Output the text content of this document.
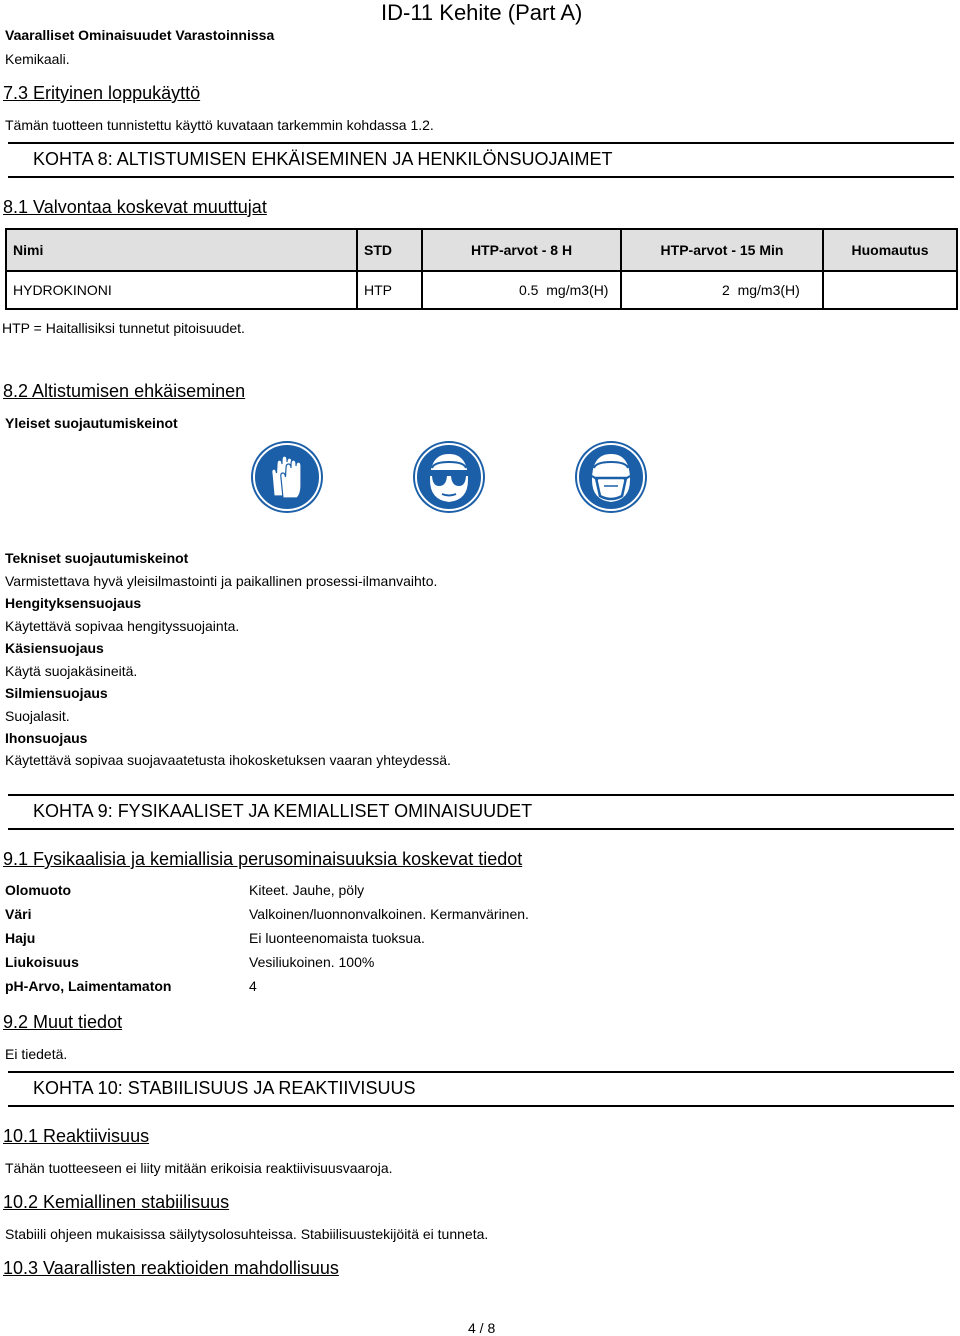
Vaaralliset Ominaisuudet Varastoinnissa
Kemikaali.
ID-11 Kehite (Part A)
7.3 Erityinen loppukäyttö
Tämän tuotteen tunnistettu käyttö kuvataan tarkemmin kohdassa 1.2.
KOHTA 8: ALTISTUMISEN EHKÄISEMINEN JA HENKILÖNSUOJAIMET
8.1 Valvontaa koskevat muuttujat
Nimi	STD	HTP-arvot - 8 H	HTP-arvot - 15 Min	Huomautus
HYDROKINONI	HTP	0.5 mg/m3(H)	2 mg/m3(H)	
HTP = Haitallisiksi tunnetut pitoisuudet.
8.2 Altistumisen ehkäiseminen
Yleiset suojautumiskeinot
Tekniset suojautumiskeinot
Varmistettava hyvä yleisilmastointi ja paikallinen prosessi-ilmanvaihto.
Hengityksensuojaus
Käytettävä sopivaa hengityssuojainta.
Käsiensuojaus
Käytä suojakäsineitä.
Silmiensuojaus
Suojalasit.
Ihonsuojaus
Käytettävä sopivaa suojavaatetusta ihokosketuksen vaaran yhteydessä.
KOHTA 9: FYSIKAALISET JA KEMIALLISET OMINAISUUDET
9.1 Fysikaalisia ja kemiallisia perusominaisuuksia koskevat tiedot
Olomuoto	Kiteet. Jauhe, pöly
Väri	Valkoinen/luonnonvalkoinen. Kermanvärinen.
Haju	Ei luonteenomaista tuoksua.
Liukoisuus	Vesiliukoinen. 100%
pH-Arvo, Laimentamaton	4
9.2 Muut tiedot
Ei tiedetä.
KOHTA 10: STABIILISUUS JA REAKTIIVISUUS
10.1 Reaktiivisuus
Tähän tuotteeseen ei liity mitään erikoisia reaktiivisuusvaaroja.
10.2 Kemiallinen stabiilisuus
Stabiili ohjeen mukaisissa säilytysolosuhteissa. Stabiilisuustekijöitä ei tunneta.
10.3 Vaarallisten reaktioiden mahdollisuus
4 / 8
